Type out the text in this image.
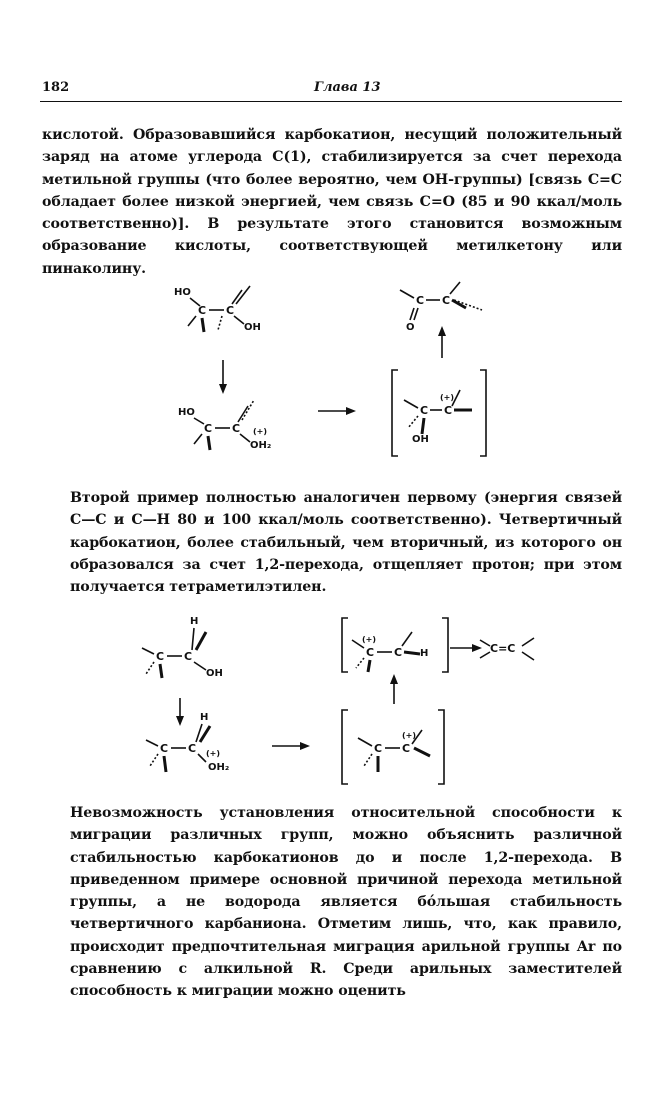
182	Глава 13

кислотой. Образовавшийся карбокатион, несущий положительный заряд на атоме углерода С(1), стабилизируется за счет перехода метильной группы (что более вероятно, чем ОН-группы) [связь С=С обладает более низкой энергией, чем связь С=О (85 и 90 ккал/моль соответственно)]. В результате этого становится возможным образование кислоты, соответствующей метилкетону или пинаколину.

HO
C C
OH
HO
C C (+)
OH₂
C C
(+)
OH
C C
O

Второй пример полностью аналогичен первому (энергия связей С—С и С—Н 80 и 100 ккал/моль соответственно). Четвертичный карбокатион, более стабильный, чем вторичный, из которого он образовался за счет 1,2-перехода, отщепляет протон; при этом получается тетраметилэтилен.

H
C C
OH
H
C C (+)
OH₂
C C
(+)
C C
(+)
H	C=C

Невозможность установления относительной способности к миграции различных групп, можно объяснить различной стабильностью карбокатионов до и после 1,2-перехода. В приведенном примере основной причиной перехода метильной группы, а не водорода является бóльшая стабильность четвертичного карбаниона. Отметим лишь, что, как правило, происходит предпочтительная миграция арильной группы Ar по сравнению с алкильной R. Среди арильных заместителей способность к миграции можно оценить
